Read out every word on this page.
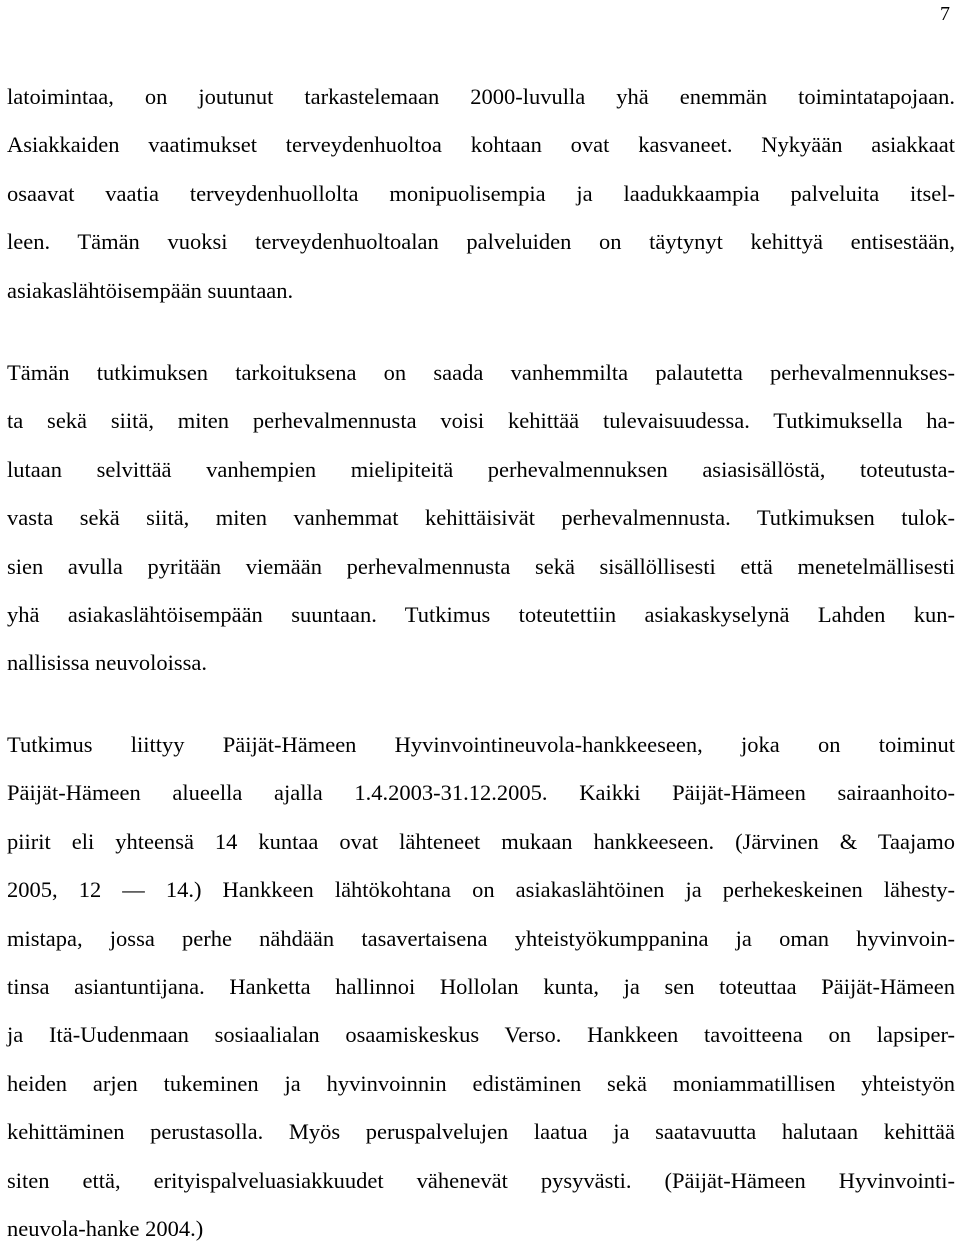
7
latoimintaa, on joutunut tarkastelemaan 2000-luvulla yhä enemmän toimintatapojaan.
Asiakkaiden vaatimukset terveydenhuoltoa kohtaan ovat kasvaneet. Nykyään asiakkaat
osaavat vaatia terveydenhuollolta monipuolisempia ja laadukkaampia palveluita itsel-
leen. Tämän vuoksi terveydenhuoltoalan palveluiden on täytynyt kehittyä entisestään,
asiakaslähtöisempään suuntaan.
Tämän tutkimuksen tarkoituksena on saada vanhemmilta palautetta perhevalmennukses-
ta sekä siitä, miten perhevalmennusta voisi kehittää tulevaisuudessa. Tutkimuksella ha-
lutaan selvittää vanhempien mielipiteitä perhevalmennuksen asiasisällöstä, toteutusta-
vasta sekä siitä, miten vanhemmat kehittäisivät perhevalmennusta. Tutkimuksen tulok-
sien avulla pyritään viemään perhevalmennusta sekä sisällöllisesti että menetelmällisesti
yhä asiakaslähtöisempään suuntaan. Tutkimus toteutettiin asiakaskyselynä Lahden kun-
nallisissa neuvoloissa.
Tutkimus liittyy Päijät-Hämeen Hyvinvointineuvola-hankkeeseen, joka on toiminut
Päijät-Hämeen alueella ajalla 1.4.2003-31.12.2005. Kaikki Päijät-Hämeen sairaanhoito-
piirit eli yhteensä 14 kuntaa ovat lähteneet mukaan hankkeeseen. (Järvinen & Taajamo
2005, 12 — 14.) Hankkeen lähtökohtana on asiakaslähtöinen ja perhekeskeinen lähesty-
mistapa, jossa perhe nähdään tasavertaisena yhteistyökumppanina ja oman hyvinvoin-
tinsa asiantuntijana. Hanketta hallinnoi Hollolan kunta, ja sen toteuttaa Päijät-Hämeen
ja Itä-Uudenmaan sosiaalialan osaamiskeskus Verso. Hankkeen tavoitteena on lapsiper-
heiden arjen tukeminen ja hyvinvoinnin edistäminen sekä moniammatillisen yhteistyön
kehittäminen perustasolla. Myös peruspalvelujen laatua ja saatavuutta halutaan kehittää
siten että, erityispalveluasiakkuudet vähenevät pysyvästi. (Päijät-Hämeen Hyvinvointi-
neuvola-hanke 2004.)
